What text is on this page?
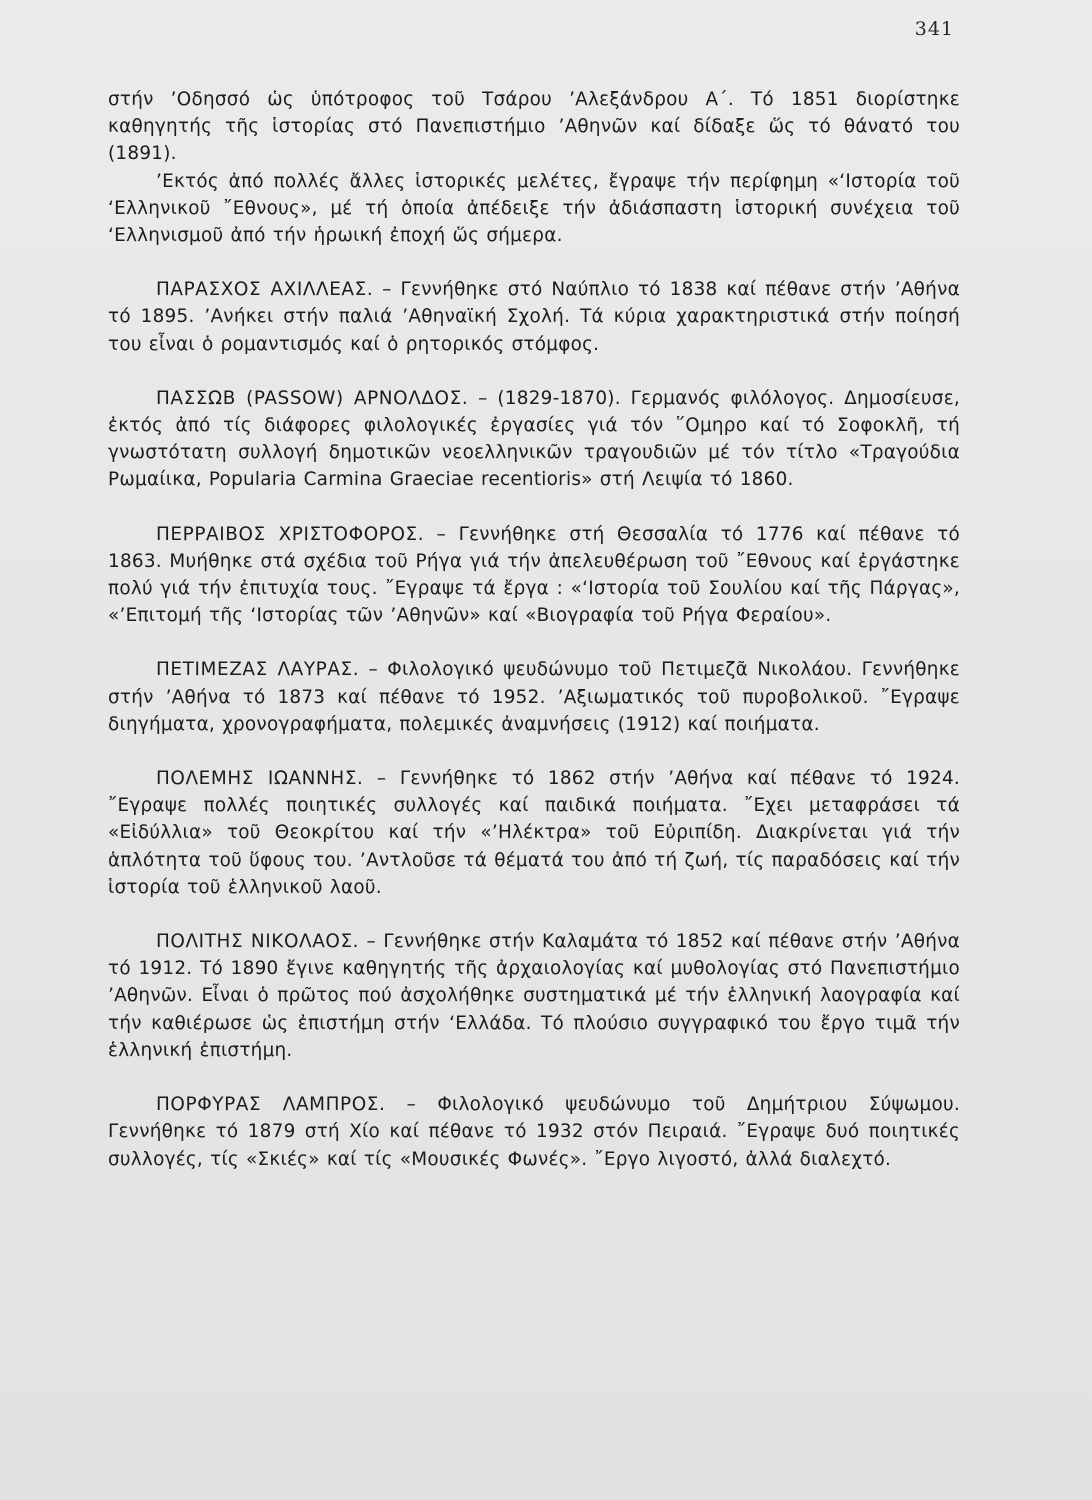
341

στήν ’Οδησσό ὡς ὑπότροφος τοῦ Τσάρου ’Αλεξάνδρου Α΄. Τό 1851 διορίστηκε καθηγητής τῆς ἱστορίας στό Πανεπιστήμιο ’Αθηνῶν καί δίδαξε ὥς τό θάνατό του (1891).

’Εκτός ἀπό πολλές ἄλλες ἱστορικές μελέτες, ἔγραψε τήν περίφημη «‘Ιστορία τοῦ ‘Ελληνικοῦ ῎Εθνους», μέ τή ὁποία ἀπέδειξε τήν ἀδιάσπαστη ἱστορική συνέχεια τοῦ ‘Ελληνισμοῦ ἀπό τήν ἡρωική ἐποχή ὥς σήμερα.

ΠΑΡΑΣΧΟΣ ΑΧΙΛΛΕΑΣ. – Γεννήθηκε στό Ναύπλιο τό 1838 καί πέθανε στήν ’Αθήνα τό 1895. ’Ανήκει στήν παλιά ’Αθηναϊκή Σχολή. Τά κύρια χαρακτηριστικά στήν ποίησή του εἶναι ὁ ρομαντισμός καί ὁ ρητορικός στόμφος.

ΠΑΣΣΩΒ (PASSOW) ΑΡΝΟΛΔΟΣ. – (1829-1870). Γερμανός φιλόλογος. Δημοσίευσε, ἐκτός ἀπό τίς διάφορες φιλολογικές ἐργασίες γιά τόν ῞Ομηρο καί τό Σοφοκλῆ, τή γνωστότατη συλλογή δημοτικῶν νεοελληνικῶν τραγουδιῶν μέ τόν τίτλο «Τραγούδια Ρωμαίικα, Popularia Carmina Graeciae recentioris» στή Λειψία τό 1860.

ΠΕΡΡΑΙΒΟΣ ΧΡΙΣΤΟΦΟΡΟΣ. – Γεννήθηκε στή Θεσσαλία τό 1776 καί πέθανε τό 1863. Μυήθηκε στά σχέδια τοῦ Ρήγα γιά τήν ἀπελευθέρωση τοῦ ῎Εθνους καί ἐργάστηκε πολύ γιά τήν ἐπιτυχία τους. ῎Εγραψε τά ἔργα : «‘Ιστορία τοῦ Σουλίου καί τῆς Πάργας», «’Επιτομή τῆς ‘Ιστορίας τῶν ’Αθηνῶν» καί «Βιογραφία τοῦ Ρήγα Φεραίου».

ΠΕΤΙΜΕΖΑΣ ΛΑΥΡΑΣ. – Φιλολογικό ψευδώνυμο τοῦ Πετιμεζᾶ Νικολάου. Γεννήθηκε στήν ’Αθήνα τό 1873 καί πέθανε τό 1952. ’Αξιωματικός τοῦ πυροβολικοῦ. ῎Εγραψε διηγήματα, χρονογραφήματα, πολεμικές ἀναμνήσεις (1912) καί ποιήματα.

ΠΟΛΕΜΗΣ ΙΩΑΝΝΗΣ. – Γεννήθηκε τό 1862 στήν ’Αθήνα καί πέθανε τό 1924. ῎Εγραψε πολλές ποιητικές συλλογές καί παιδικά ποιήματα. ῎Εχει μεταφράσει τά «Εἰδύλλια» τοῦ Θεοκρίτου καί τήν «’Ηλέκτρα» τοῦ Εὐριπίδη. Διακρίνεται γιά τήν ἁπλότητα τοῦ ὕφους του. ’Αντλοῦσε τά θέματά του ἀπό τή ζωή, τίς παραδόσεις καί τήν ἱστορία τοῦ ἑλληνικοῦ λαοῦ.

ΠΟΛΙΤΗΣ ΝΙΚΟΛΑΟΣ. – Γεννήθηκε στήν Καλαμάτα τό 1852 καί πέθανε στήν ’Αθήνα τό 1912. Τό 1890 ἔγινε καθηγητής τῆς ἀρχαιολογίας καί μυθολογίας στό Πανεπιστήμιο ’Αθηνῶν. Εἶναι ὁ πρῶτος πού ἀσχολήθηκε συστηματικά μέ τήν ἑλληνική λαογραφία καί τήν καθιέρωσε ὡς ἐπιστήμη στήν ‘Ελλάδα. Τό πλούσιο συγγραφικό του ἔργο τιμᾶ τήν ἑλληνική ἐπιστήμη.

ΠΟΡΦΥΡΑΣ ΛΑΜΠΡΟΣ. – Φιλολογικό ψευδώνυμο τοῦ Δημήτριου Σύψωμου. Γεννήθηκε τό 1879 στή Χίο καί πέθανε τό 1932 στόν Πειραιά. ῎Εγραψε δυό ποιητικές συλλογές, τίς «Σκιές» καί τίς «Μουσικές Φωνές». ῎Εργο λιγοστό, ἀλλά διαλεχτό.
